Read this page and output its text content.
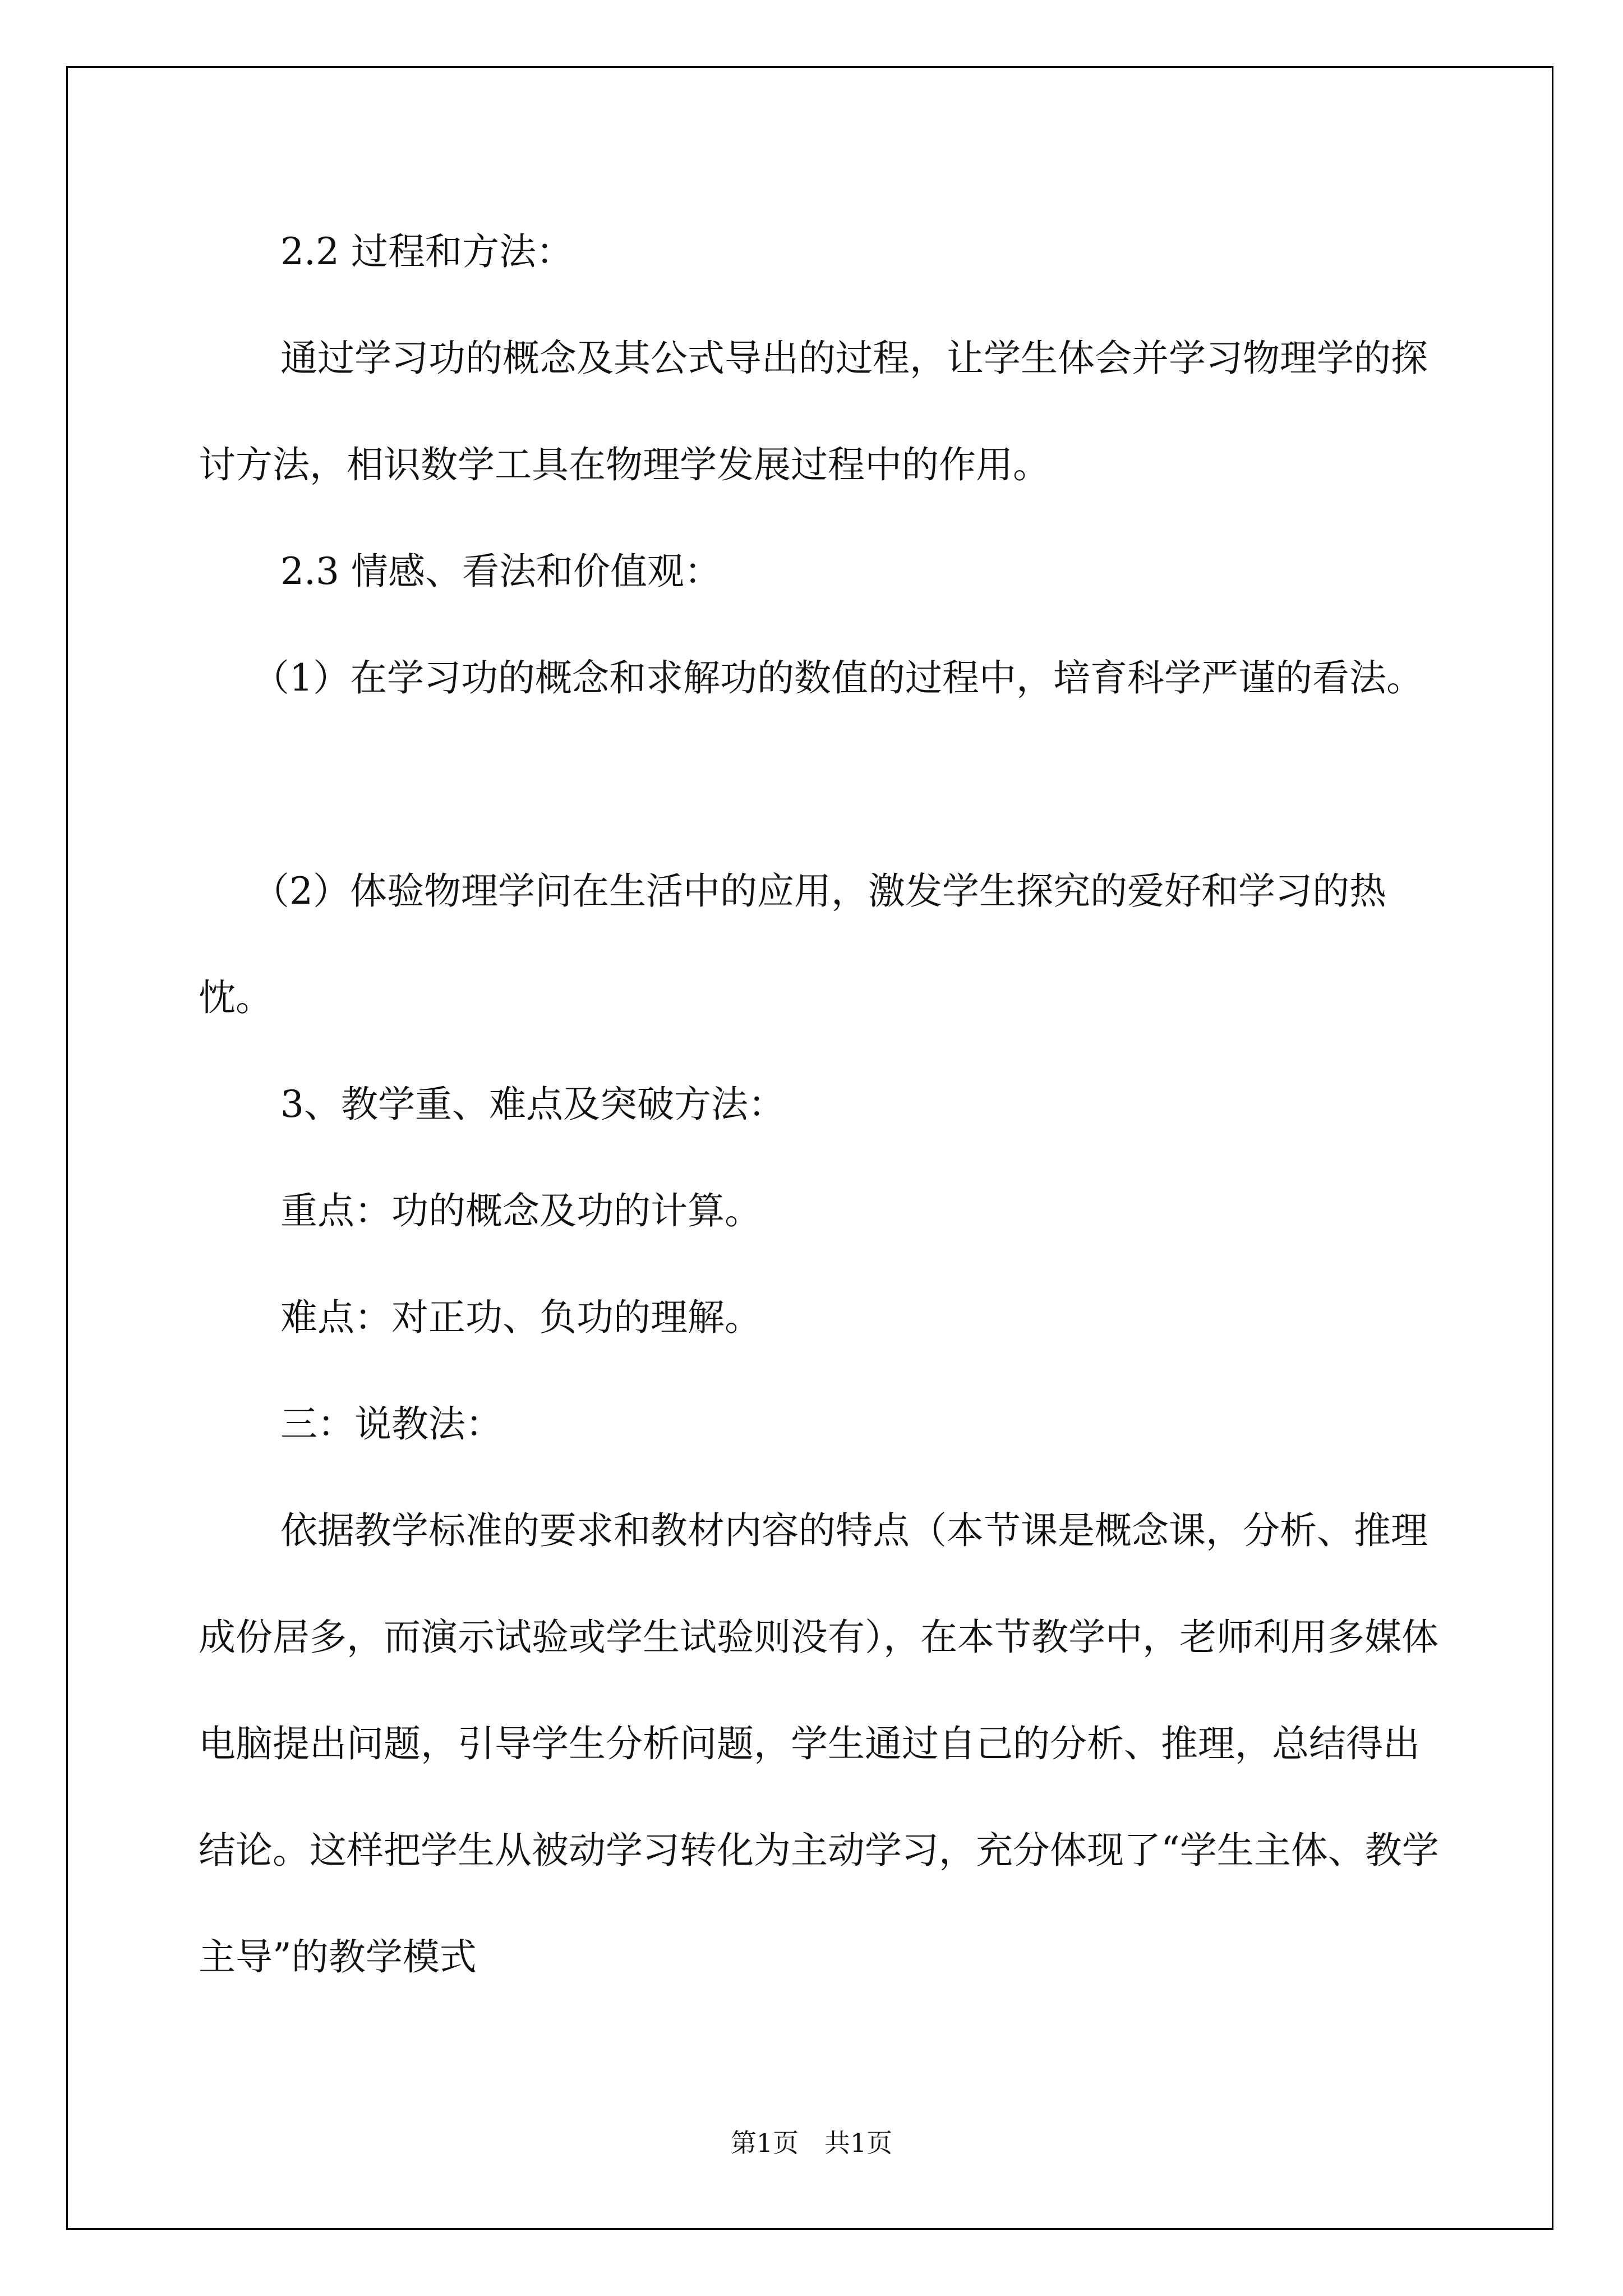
2.2 过程和方法：

通过学习功的概念及其公式导出的过程，让学生体会并学习物理学的探讨方法，相识数学工具在物理学发展过程中的作用。

2.3 情感、看法和价值观：

（1）在学习功的概念和求解功的数值的过程中，培育科学严谨的看法。

（2）体验物理学问在生活中的应用，激发学生探究的爱好和学习的热忱。

3、教学重、难点及突破方法：

重点：功的概念及功的计算。

难点：对正功、负功的理解。

三：说教法：

依据教学标准的要求和教材内容的特点（本节课是概念课，分析、推理成份居多，而演示试验或学生试验则没有），在本节教学中，老师利用多媒体电脑提出问题，引导学生分析问题，学生通过自己的分析、推理，总结得出结论。这样把学生从被动学习转化为主动学习，充分体现了“学生主体、教学主导”的教学模式

第1页　共1页
